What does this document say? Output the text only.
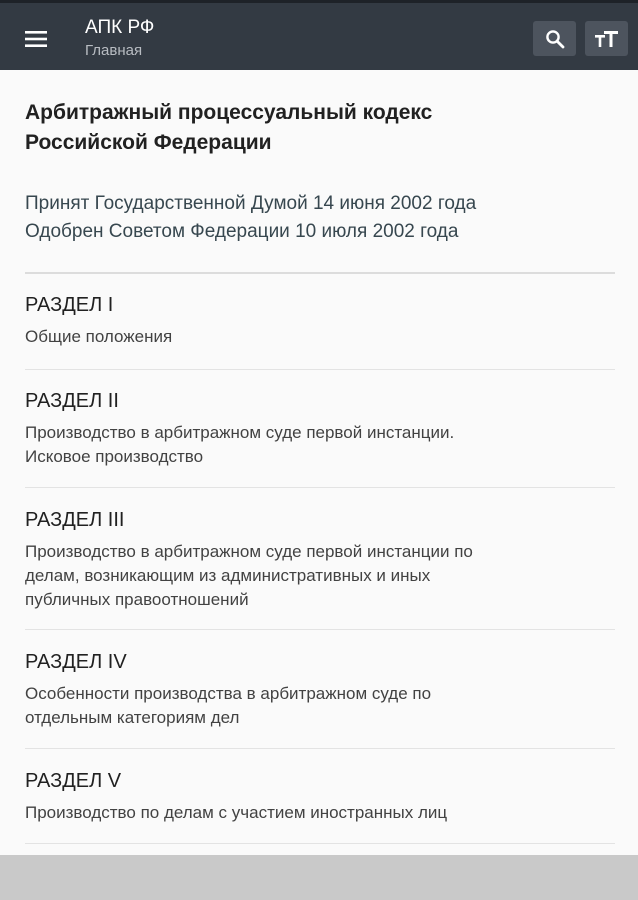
АПК РФ
Главная
Арбитражный процессуальный кодекс
Российской Федерации
Принят Государственной Думой 14 июня 2002 года
Одобрен Советом Федерации 10 июля 2002 года
РАЗДЕЛ I
Общие положения
РАЗДЕЛ II
Производство в арбитражном суде первой инстанции.
Исковое производство
РАЗДЕЛ III
Производство в арбитражном суде первой инстанции по
делам, возникающим из административных и иных
публичных правоотношений
РАЗДЕЛ IV
Особенности производства в арбитражном суде по
отдельным категориям дел
РАЗДЕЛ V
Производство по делам с участием иностранных лиц
